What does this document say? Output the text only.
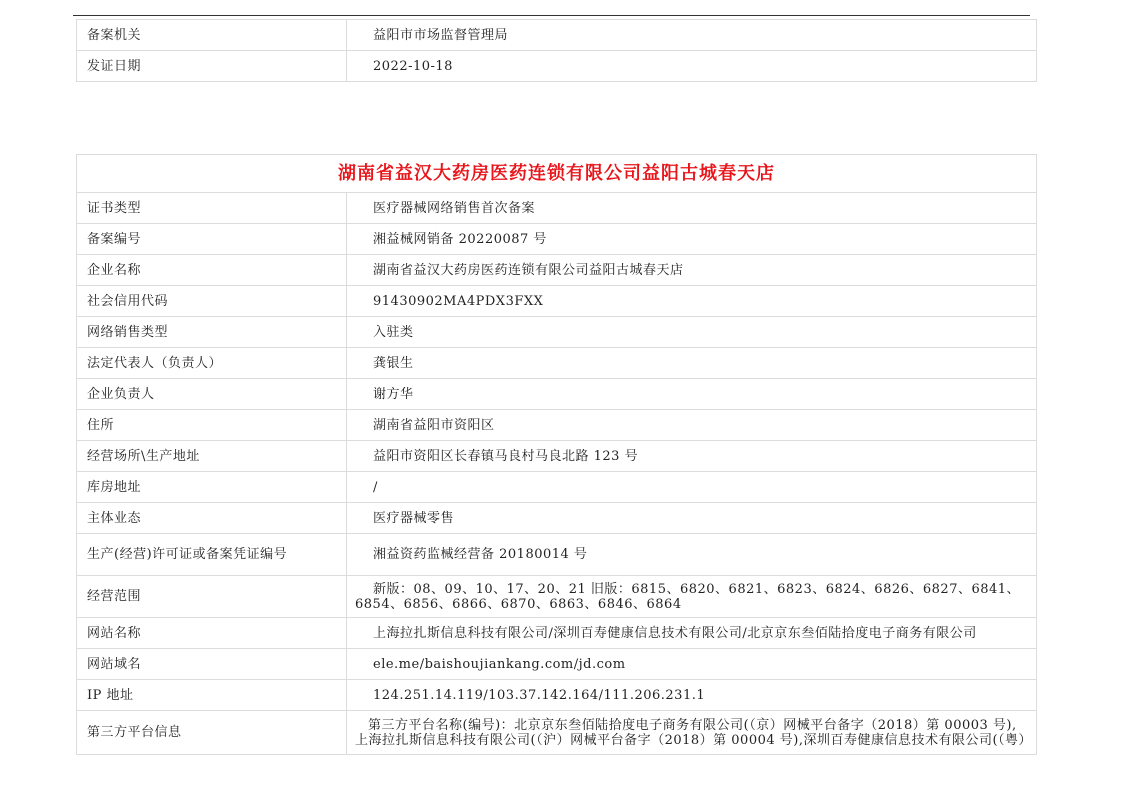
备案机关	益阳市市场监督管理局
发证日期	2022-10-18
湖南省益汉大药房医药连锁有限公司益阳古城春天店	
证书类型	医疗器械网络销售首次备案
备案编号	湘益械网销备 20220087 号
企业名称	湖南省益汉大药房医药连锁有限公司益阳古城春天店
社会信用代码	91430902MA4PDX3FXX
网络销售类型	入驻类
法定代表人（负责人）	龚银生
企业负责人	谢方华
住所	湖南省益阳市资阳区
经营场所\生产地址	益阳市资阳区长春镇马良村马良北路 123 号
库房地址	/
主体业态	医疗器械零售
生产(经营)许可证或备案凭证编号	湘益资药监械经营备 20180014 号
经营范围	新版：08、09、10、17、20、21 旧版：6815、6820、6821、6823、6824、6826、6827、6841、6854、6856、6866、6870、6863、6846、6864
网站名称	上海拉扎斯信息科技有限公司/深圳百寿健康信息技术有限公司/北京京东叁佰陆拾度电子商务有限公司
网站域名	ele.me/baishoujiankang.com/jd.com
IP 地址	124.251.14.119/103.37.142.164/111.206.231.1
第三方平台信息	第三方平台名称(编号)：北京京东叁佰陆拾度电子商务有限公司(（京）网械平台备字（2018）第 00003 号),上海拉扎斯信息科技有限公司(（沪）网械平台备字（2018）第 00004 号),深圳百寿健康信息技术有限公司(（粤）
